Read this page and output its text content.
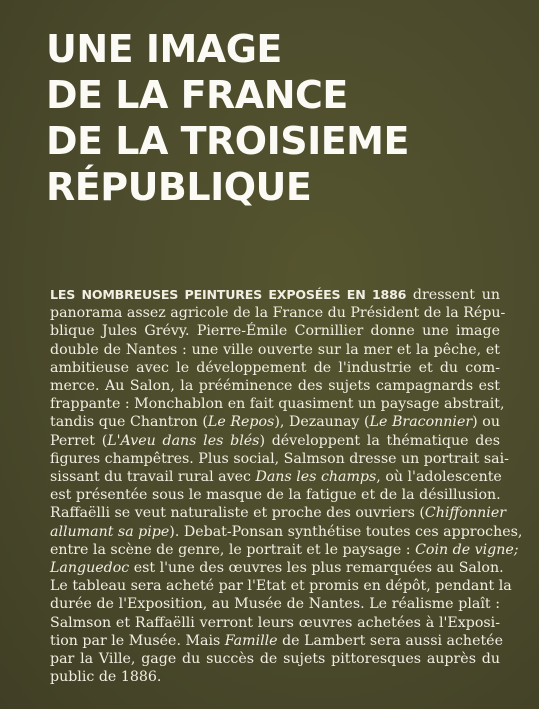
UNE IMAGE
DE LA FRANCE
DE LA TROISIEME
RÉPUBLIQUE

LES NOMBREUSES PEINTURES EXPOSÉES EN 1886 dressent un
panorama assez agricole de la France du Président de la Répu-
blique Jules Grévy. Pierre-Émile Cornillier donne une image
double de Nantes : une ville ouverte sur la mer et la pêche, et
ambitieuse avec le développement de l'industrie et du com-
merce. Au Salon, la prééminence des sujets campagnards est
frappante : Monchablon en fait quasiment un paysage abstrait,
tandis que Chantron (Le Repos), Dezaunay (Le Braconnier) ou
Perret (L'Aveu dans les blés) développent la thématique des
figures champêtres. Plus social, Salmson dresse un portrait sai-
sissant du travail rural avec Dans les champs, où l'adolescente
est présentée sous le masque de la fatigue et de la désillusion.
Raffaëlli se veut naturaliste et proche des ouvriers (Chiffonnier
allumant sa pipe). Debat-Ponsan synthétise toutes ces approches,
entre la scène de genre, le portrait et le paysage : Coin de vigne;
Languedoc est l'une des œuvres les plus remarquées au Salon.
Le tableau sera acheté par l'Etat et promis en dépôt, pendant la
durée de l'Exposition, au Musée de Nantes. Le réalisme plaît :
Salmson et Raffaëlli verront leurs œuvres achetées à l'Exposi-
tion par le Musée. Mais Famille de Lambert sera aussi achetée
par la Ville, gage du succès de sujets pittoresques auprès du
public de 1886.
